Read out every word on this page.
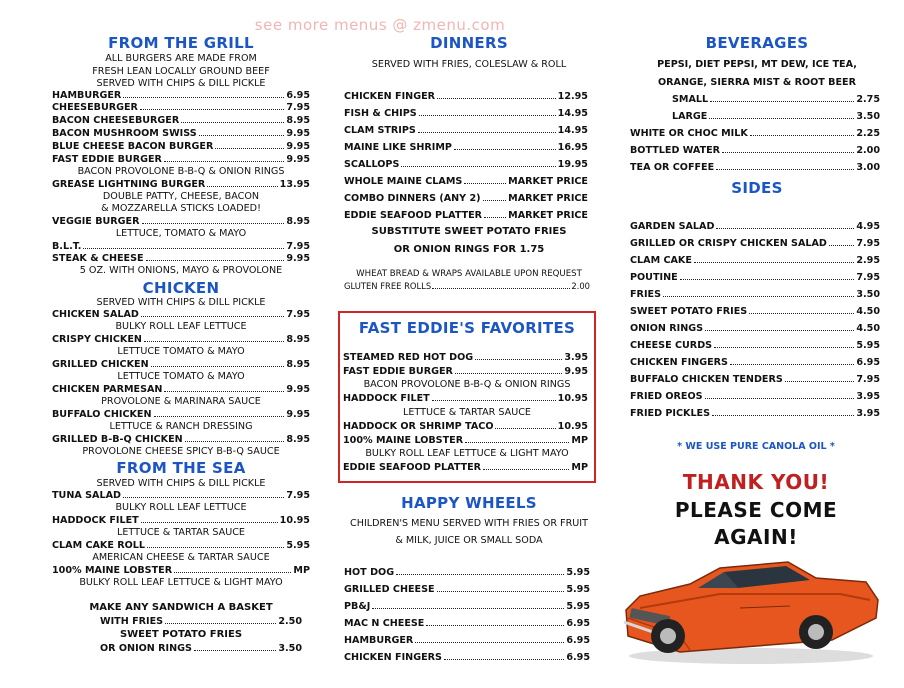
see more menus @ zmenu.com
FROM THE GRILL
ALL BURGERS ARE MADE FROM
FRESH LEAN LOCALLY GROUND BEEF
SERVED WITH CHIPS & DILL PICKLE
HAMBURGER	6.95
CHEESEBURGER	7.95
BACON CHEESEBURGER	8.95
BACON MUSHROOM SWISS	9.95
BLUE CHEESE BACON BURGER	9.95
FAST EDDIE BURGER	9.95
BACON PROVOLONE B-B-Q & ONION RINGS
GREASE LIGHTNING BURGER	13.95
DOUBLE PATTY, CHEESE, BACON
& MOZZARELLA STICKS LOADED!
VEGGIE BURGER	8.95
LETTUCE, TOMATO & MAYO
B.L.T.	7.95
STEAK & CHEESE	9.95
5 OZ. WITH ONIONS, MAYO & PROVOLONE
CHICKEN
SERVED WITH CHIPS & DILL PICKLE
CHICKEN SALAD	7.95
BULKY ROLL LEAF LETTUCE
CRISPY CHICKEN	8.95
LETTUCE TOMATO & MAYO
GRILLED CHICKEN	8.95
LETTUCE TOMATO & MAYO
CHICKEN PARMESAN	9.95
PROVOLONE & MARINARA SAUCE
BUFFALO CHICKEN	9.95
LETTUCE & RANCH DRESSING
GRILLED B-B-Q CHICKEN	8.95
PROVOLONE CHEESE SPICY B-B-Q SAUCE
FROM THE SEA
SERVED WITH CHIPS & DILL PICKLE
TUNA SALAD	7.95
BULKY ROLL LEAF LETTUCE
HADDOCK FILET	10.95
LETTUCE & TARTAR SAUCE
CLAM CAKE ROLL	5.95
AMERICAN CHEESE & TARTAR SAUCE
100% MAINE LOBSTER	MP
BULKY ROLL LEAF LETTUCE & LIGHT MAYO
MAKE ANY SANDWICH A BASKET
WITH FRIES	2.50
SWEET POTATO FRIES
OR ONION RINGS	3.50
DINNERS
SERVED WITH FRIES, COLESLAW & ROLL
CHICKEN FINGER	12.95
FISH & CHIPS	14.95
CLAM STRIPS	14.95
MAINE LIKE SHRIMP	16.95
SCALLOPS	19.95
WHOLE MAINE CLAMS	MARKET PRICE
COMBO DINNERS (ANY 2)	MARKET PRICE
EDDIE SEAFOOD PLATTER	MARKET PRICE
SUBSTITUTE SWEET POTATO FRIES
OR ONION RINGS FOR 1.75
WHEAT BREAD & WRAPS AVAILABLE UPON REQUEST
GLUTEN FREE ROLLS	2.00
FAST EDDIE'S FAVORITES
STEAMED RED HOT DOG	3.95
FAST EDDIE BURGER	9.95
BACON PROVOLONE B-B-Q & ONION RINGS
HADDOCK FILET	10.95
LETTUCE & TARTAR SAUCE
HADDOCK OR SHRIMP TACO	10.95
100% MAINE LOBSTER	MP
BULKY ROLL LEAF LETTUCE & LIGHT MAYO
EDDIE SEAFOOD PLATTER	MP
HAPPY WHEELS
CHILDREN'S MENU SERVED WITH FRIES OR FRUIT
& MILK, JUICE OR SMALL SODA
HOT DOG	5.95
GRILLED CHEESE	5.95
PB&J	5.95
MAC N CHEESE	6.95
HAMBURGER	6.95
CHICKEN FINGERS	6.95
BEVERAGES
PEPSI, DIET PEPSI, MT DEW, ICE TEA,
ORANGE, SIERRA MIST & ROOT BEER
SMALL	2.75
LARGE	3.50
WHITE OR CHOC MILK	2.25
BOTTLED WATER	2.00
TEA OR COFFEE	3.00
SIDES
GARDEN SALAD	4.95
GRILLED OR CRISPY CHICKEN SALAD	7.95
CLAM CAKE	2.95
POUTINE	7.95
FRIES	3.50
SWEET POTATO FRIES	4.50
ONION RINGS	4.50
CHEESE CURDS	5.95
CHICKEN FINGERS	6.95
BUFFALO CHICKEN TENDERS	7.95
FRIED OREOS	3.95
FRIED PICKLES	3.95
* WE USE PURE CANOLA OIL *
THANK YOU!
PLEASE COME
AGAIN!
